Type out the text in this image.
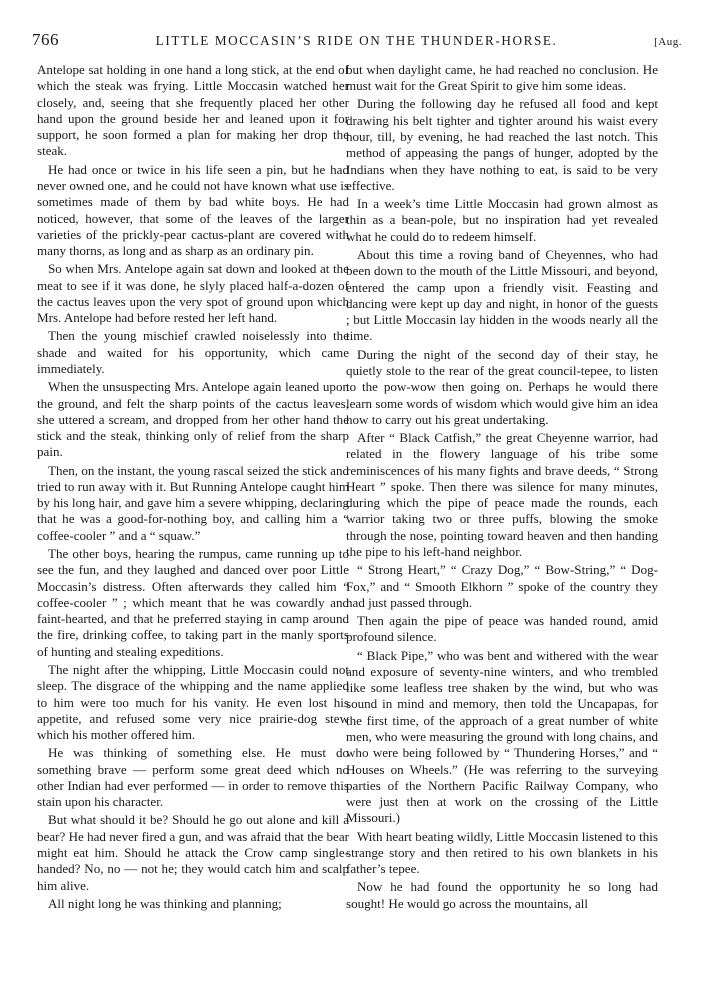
766	LITTLE MOCCASIN’S RIDE ON THE THUNDER-HORSE.	[Aug.

Antelope sat holding in one hand a long stick, at the end of which the steak was frying. Little Moccasin watched her closely, and, seeing that she frequently placed her other hand upon the ground beside her and leaned upon it for support, he soon formed a plan for making her drop the steak.

He had once or twice in his life seen a pin, but he had never owned one, and he could not have known what use is sometimes made of them by bad white boys. He had noticed, however, that some of the leaves of the larger varieties of the prickly-pear cactus-plant are covered with many thorns, as long and as sharp as an ordinary pin.

So when Mrs. Antelope again sat down and looked at the meat to see if it was done, he slyly placed half-a-dozen of the cactus leaves upon the very spot of ground upon which Mrs. Antelope had before rested her left hand.

Then the young mischief crawled noiselessly into the shade and waited for his opportunity, which came immediately.

When the unsuspecting Mrs. Antelope again leaned upon the ground, and felt the sharp points of the cactus leaves, she uttered a scream, and dropped from her other hand the stick and the steak, thinking only of relief from the sharp pain.

Then, on the instant, the young rascal seized the stick and tried to run away with it. But Running Antelope caught him by his long hair, and gave him a severe whipping, declaring that he was a good-for-nothing boy, and calling him a “ coffee-cooler ” and a “ squaw.”

The other boys, hearing the rumpus, came running up to see the fun, and they laughed and danced over poor Little Moccasin’s distress. Often afterwards they called him “ coffee-cooler ” ; which meant that he was cowardly and faint-hearted, and that he preferred staying in camp around the fire, drinking coffee, to taking part in the manly sports of hunting and stealing expeditions.

The night after the whipping, Little Moccasin could not sleep. The disgrace of the whipping and the name applied to him were too much for his vanity. He even lost his appetite, and refused some very nice prairie-dog stew which his mother offered him.

He was thinking of something else. He must do something brave — perform some great deed which no other Indian had ever performed — in order to remove this stain upon his character.

But what should it be? Should he go out alone and kill a bear? He had never fired a gun, and was afraid that the bear might eat him. Should he attack the Crow camp single-handed? No, no — not he; they would catch him and scalp him alive.

All night long he was thinking and planning;

but when daylight came, he had reached no conclusion. He must wait for the Great Spirit to give him some ideas.

During the following day he refused all food and kept drawing his belt tighter and tighter around his waist every hour, till, by evening, he had reached the last notch. This method of appeasing the pangs of hunger, adopted by the Indians when they have nothing to eat, is said to be very effective.

In a week’s time Little Moccasin had grown almost as thin as a bean-pole, but no inspiration had yet revealed what he could do to redeem himself.

About this time a roving band of Cheyennes, who had been down to the mouth of the Little Missouri, and beyond, entered the camp upon a friendly visit. Feasting and dancing were kept up day and night, in honor of the guests ; but Little Moccasin lay hidden in the woods nearly all the time.

During the night of the second day of their stay, he quietly stole to the rear of the great council-tepee, to listen to the pow-wow then going on. Perhaps he would there learn some words of wisdom which would give him an idea how to carry out his great undertaking.

After “ Black Catfish,” the great Cheyenne warrior, had related in the flowery language of his tribe some reminiscences of his many fights and brave deeds, “ Strong Heart ” spoke. Then there was silence for many minutes, during which the pipe of peace made the rounds, each warrior taking two or three puffs, blowing the smoke through the nose, pointing toward heaven and then handing the pipe to his left-hand neighbor.

“ Strong Heart,” “ Crazy Dog,” “ Bow-String,” “ Dog-Fox,” and “ Smooth Elkhorn ” spoke of the country they had just passed through.

Then again the pipe of peace was handed round, amid profound silence.

“ Black Pipe,” who was bent and withered with the wear and exposure of seventy-nine winters, and who trembled like some leafless tree shaken by the wind, but who was sound in mind and memory, then told the Uncapapas, for the first time, of the approach of a great number of white men, who were measuring the ground with long chains, and who were being followed by “ Thundering Horses,” and “ Houses on Wheels.” (He was referring to the surveying parties of the Northern Pacific Railway Company, who were just then at work on the crossing of the Little Missouri.)

With heart beating wildly, Little Moccasin listened to this strange story and then retired to his own blankets in his father’s tepee.

Now he had found the opportunity he so long had sought! He would go across the mountains, all
